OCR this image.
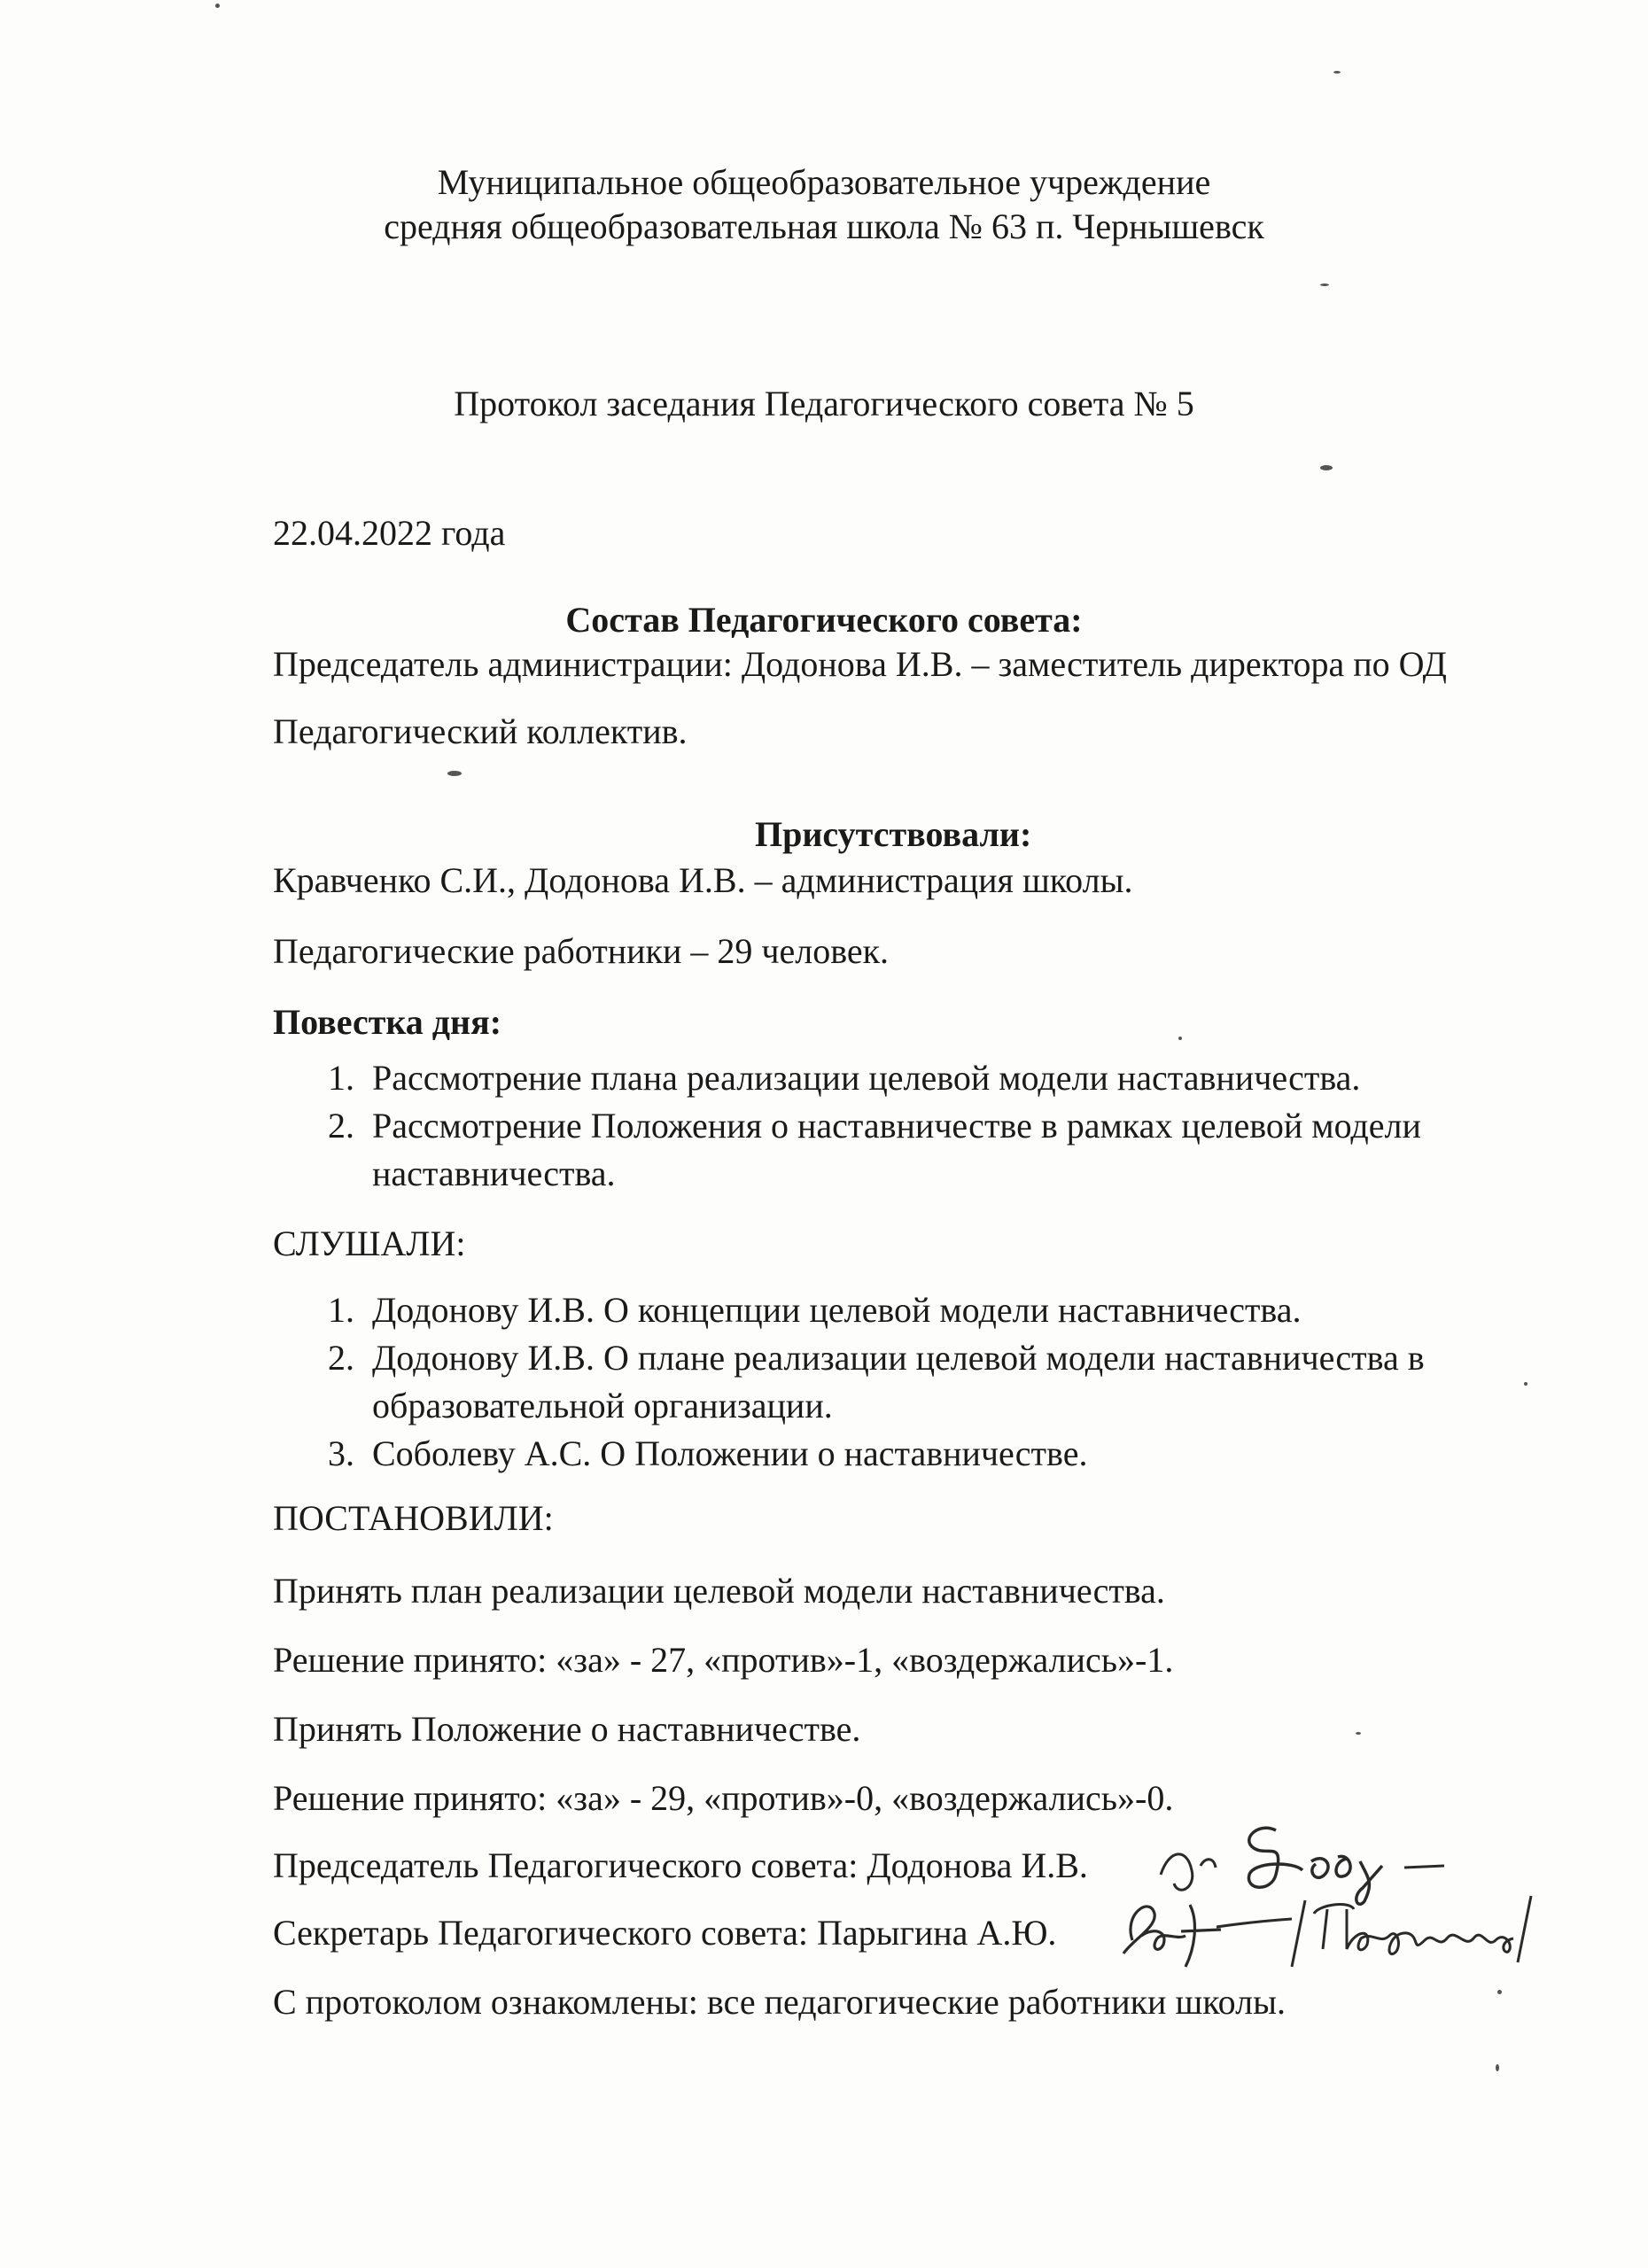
Муниципальное общеобразовательное учреждение
средняя общеобразовательная школа № 63 п. Чернышевск
Протокол заседания Педагогического совета № 5
22.04.2022 года
Состав Педагогического совета:
Председатель администрации: Додонова И.В. – заместитель директора по ОД
Педагогический коллектив.
Присутствовали:
Кравченко С.И., Додонова И.В. – администрация школы.
Педагогические работники – 29 человек.
Повестка дня:
1. Рассмотрение плана реализации целевой модели наставничества.
2. Рассмотрение Положения о наставничестве в рамках целевой модели
наставничества.
СЛУШАЛИ:
1. Додонову И.В. О концепции целевой модели наставничества.
2. Додонову И.В. О плане реализации целевой модели наставничества в
образовательной организации.
3. Соболеву А.С. О Положении о наставничестве.
ПОСТАНОВИЛИ:
Принять план реализации целевой модели наставничества.
Решение принято: «за» - 27, «против»-1, «воздержались»-1.
Принять Положение о наставничестве.
Решение принято: «за» - 29, «против»-0, «воздержались»-0.
Председатель Педагогического совета: Додонова И.В.
Секретарь Педагогического совета: Парыгина А.Ю.
С протоколом ознакомлены: все педагогические работники школы.
